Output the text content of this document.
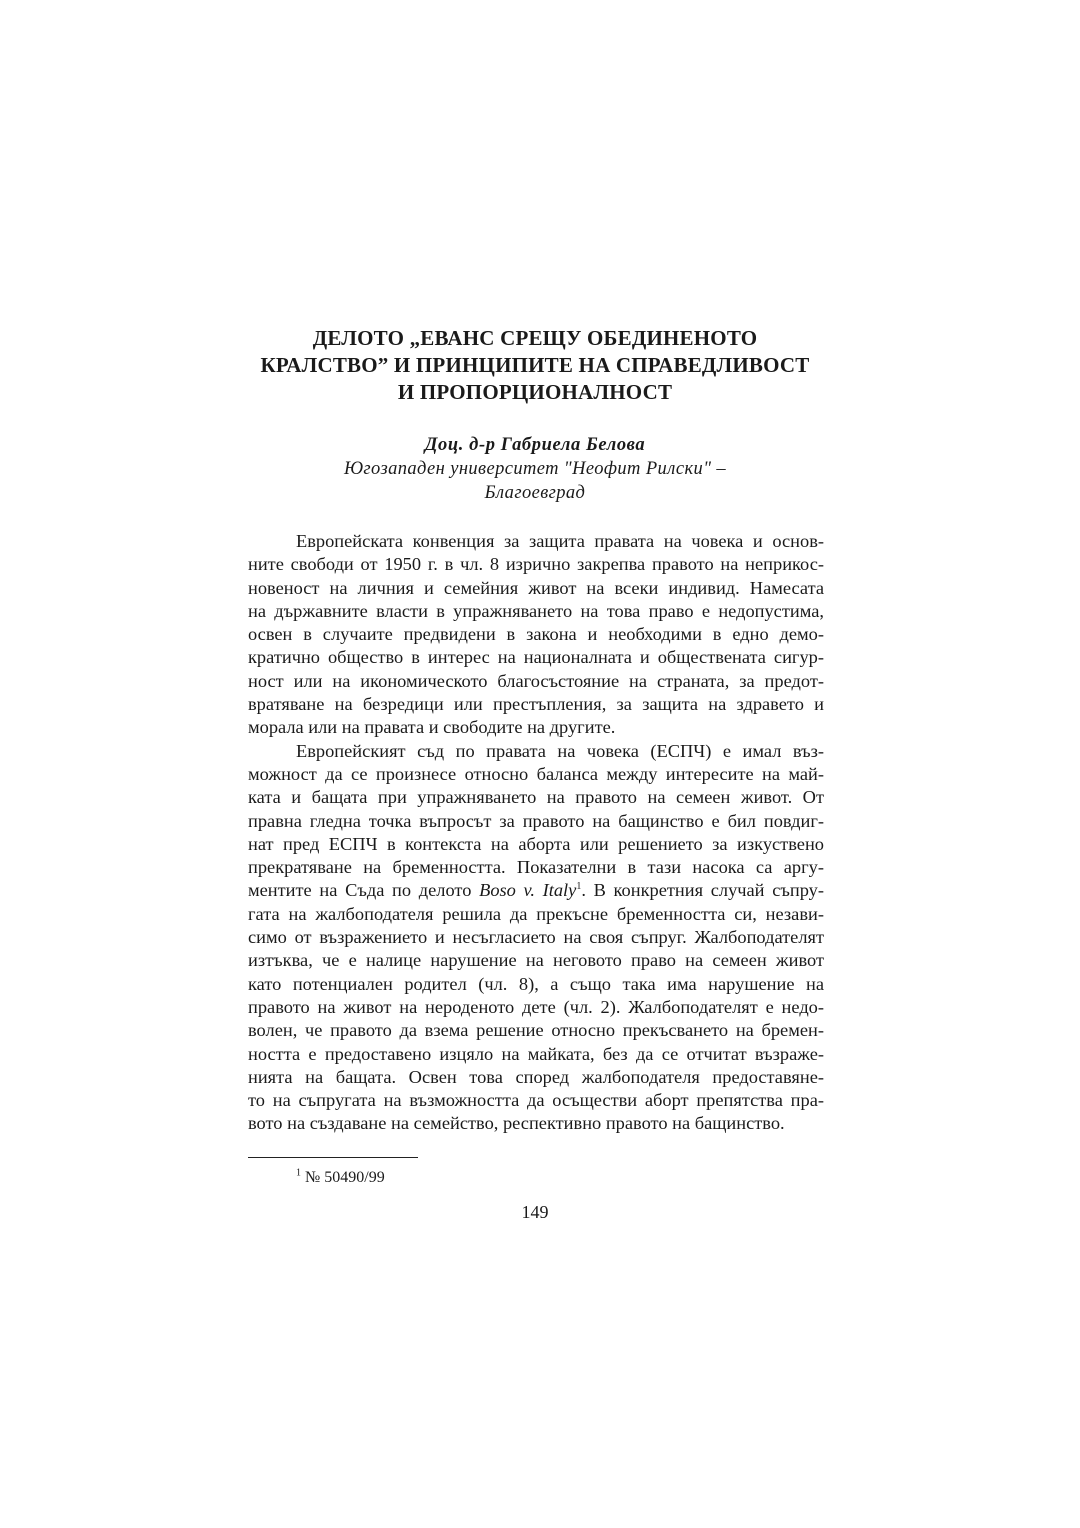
ДЕЛОТО „ЕВАНС СРЕЩУ ОБЕДИНЕНОТО
КРАЛСТВО” И ПРИНЦИПИТЕ НА СПРАВЕДЛИВОСТ
И ПРОПОРЦИОНАЛНОСТ
Доц. д-р Габриела Белова
Югозападен университет "Неофит Рилски" –
Благоевград
Европейската конвенция за защита правата на човека и основ-
ните свободи от 1950 г. в чл. 8 изрично закрепва правото на неприкос-
новеност на личния и семейния живот на всеки индивид. Намесата
на държавните власти в упражняването на това право е недопустима,
освен в случаите предвидени в закона и необходими в едно демо-
кратично общество в интерес на националната и обществената сигур-
ност или на икономическото благосъстояние на страната, за предот-
вратяване на безредици или престъпления, за защита на здравето и
морала или на правата и свободите на другите.
Европейският съд по правата на човека (ЕСПЧ) е имал въз-
можност да се произнесе относно баланса между интересите на май-
ката и бащата при упражняването на правото на семеен живот. От
правна гледна точка въпросът за правото на бащинство е бил повдиг-
нат пред ЕСПЧ в контекста на аборта или решението за изкуствено
прекратяване на бременността. Показателни в тази насока са аргу-
ментите на Съда по делото Boso v. Italy$^1$. В конкретния случай съпру-
гата на жалбоподателя решила да прекъсне бременността си, незави-
симо от възражението и несъгласието на своя съпруг. Жалбоподателят
изтъква, че е налице нарушение на неговото право на семеен живот
като потенциален родител (чл. 8), а също така има нарушение на
правото на живот на нероденото дете (чл. 2). Жалбоподателят е недо-
волен, че правото да взема решение относно прекъсването на бремен-
ността е предоставено изцяло на майката, без да се отчитат възраже-
нията на бащата. Освен това според жалбоподателя предоставяне-
то на съпругата на възможността да осъществи аборт препятства пра-
вото на създаване на семейство, респективно правото на бащинство.
$^1$ № 50490/99
149
